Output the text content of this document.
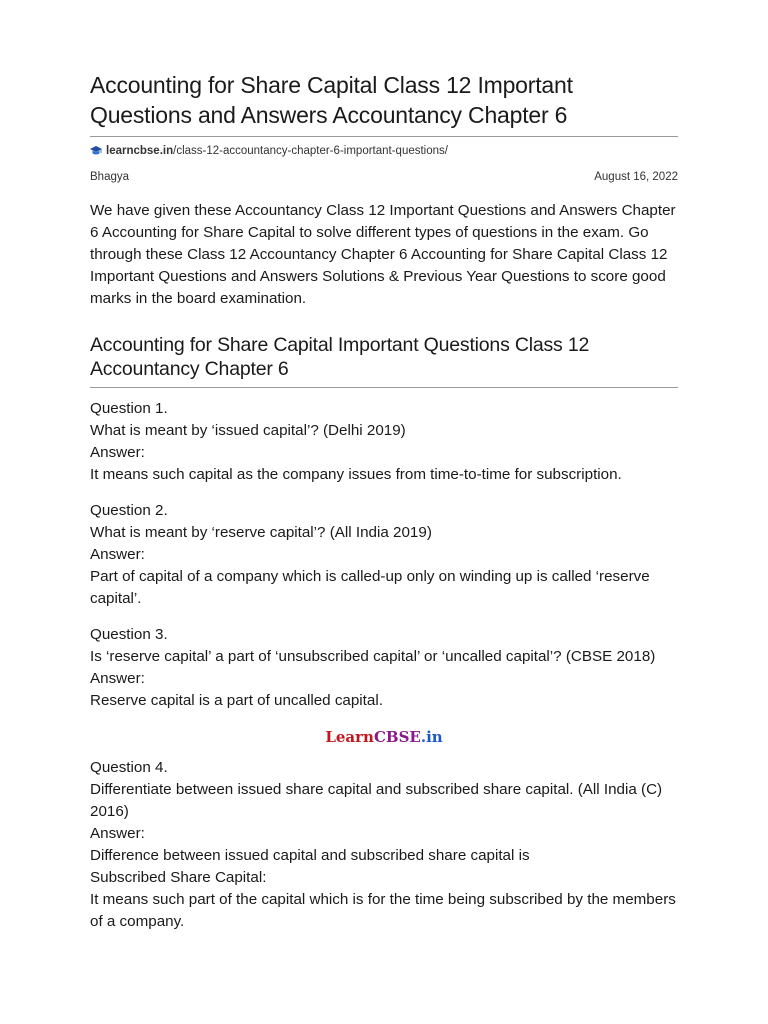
Accounting for Share Capital Class 12 Important Questions and Answers Accountancy Chapter 6
learncbse.in /class-12-accountancy-chapter-6-important-questions/
Bhagya	August 16, 2022

We have given these Accountancy Class 12 Important Questions and Answers Chapter 6 Accounting for Share Capital to solve different types of questions in the exam. Go through these Class 12 Accountancy Chapter 6 Accounting for Share Capital Class 12 Important Questions and Answers Solutions & Previous Year Questions to score good marks in the board examination.

Accounting for Share Capital Important Questions Class 12 Accountancy Chapter 6

Question 1.

What is meant by ‘issued capital’? (Delhi 2019)

Answer:

It means such capital as the company issues from time-to-time for subscription.

Question 2.

What is meant by ‘reserve capital’? (All India 2019)

Answer:

Part of capital of a company which is called-up only on winding up is called ‘reserve capital’.

Question 3.

Is ‘reserve capital’ a part of ‘unsubscribed capital’ or ‘uncalled capital’? (CBSE 2018)

Answer:

Reserve capital is a part of uncalled capital.

LearnCBSE.in

Question 4.

Differentiate between issued share capital and subscribed share capital. (All India (C) 2016)

Answer:

Difference between issued capital and subscribed share capital is

Subscribed Share Capital:

It means such part of the capital which is for the time being subscribed by the members of a company.
